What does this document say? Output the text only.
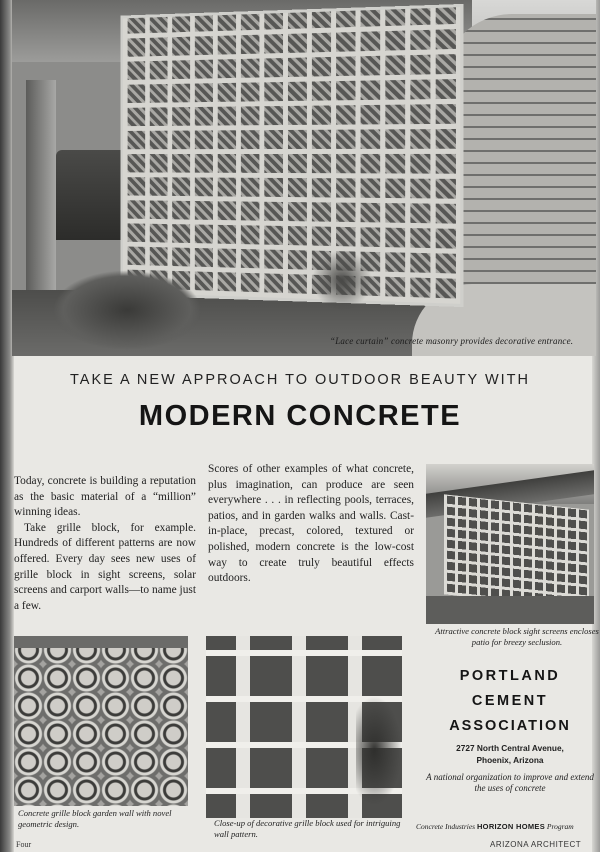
“Lace curtain” concrete masonry provides decorative entrance.
TAKE A NEW APPROACH TO OUTDOOR BEAUTY WITH
MODERN CONCRETE

Today, concrete is building a reputation as the basic material of a “million” winning ideas.

Take grille block, for example. Hundreds of different patterns are now offered. Every day sees new uses of grille block in sight screens, solar screens and carport walls—to name just a few.

Scores of other examples of what concrete, plus imagination, can produce are seen everywhere . . . in reflecting pools, terraces, patios, and in garden walks and walls. Cast-in-place, precast, colored, textured or polished, modern concrete is the low-cost way to create truly beautiful effects outdoors.

Attractive concrete block sight screens encloses patio for breezy seclusion.
Concrete grille block garden wall with novel geometric design.	Close-up of decorative grille block used for intriguing wall pattern.
PORTLAND
CEMENT
ASSOCIATION
2727 North Central Avenue,
Phoenix, Arizona
A national organization to improve and extend the uses of concrete
Concrete Industries HORIZON HOMES Program
Four	ARIZONA ARCHITECT
